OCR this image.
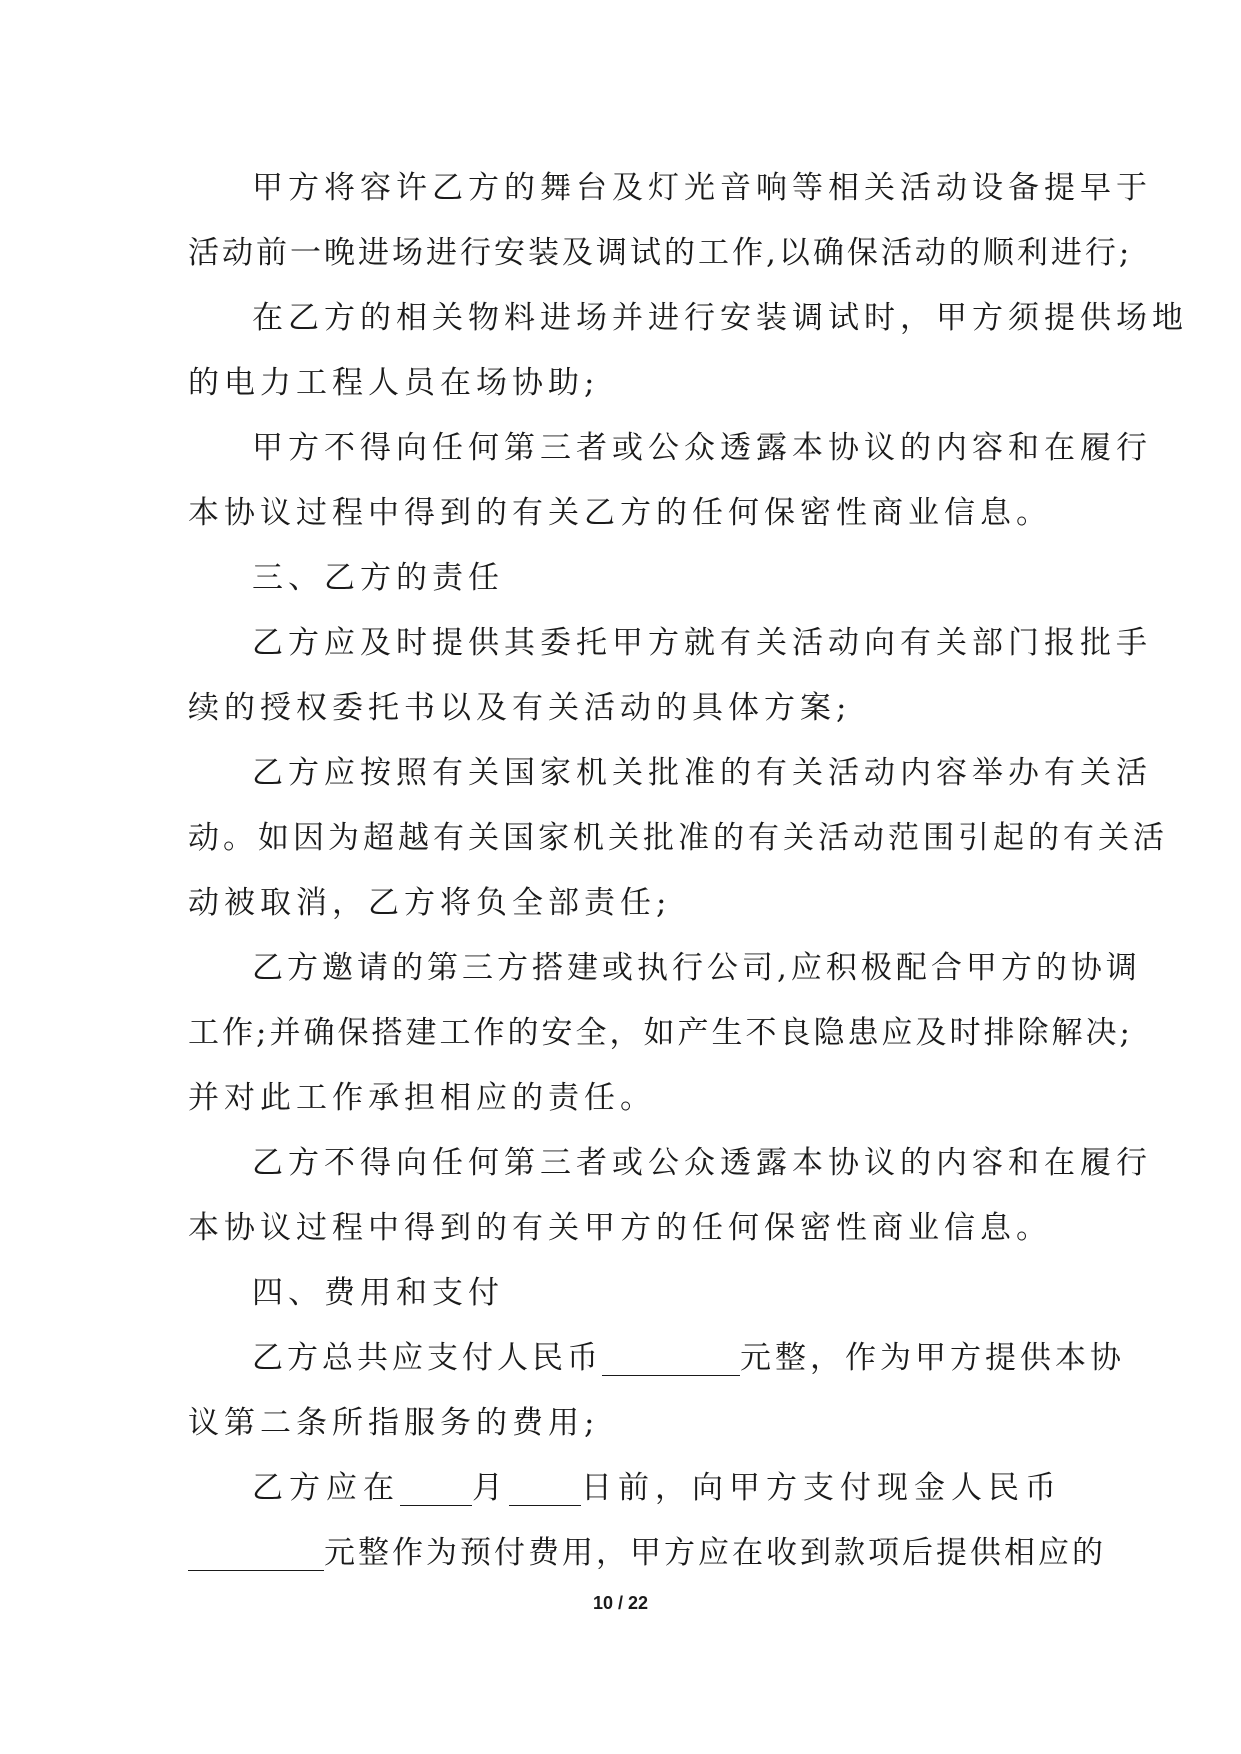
甲方将容许乙方的舞台及灯光音响等相关活动设备提早于
活动前一晚进场进行安装及调试的工作,以确保活动的顺利进行;
在乙方的相关物料进场并进行安装调试时，甲方须提供场地
的电力工程人员在场协助;
甲方不得向任何第三者或公众透露本协议的内容和在履行
本协议过程中得到的有关乙方的任何保密性商业信息。
三、乙方的责任
乙方应及时提供其委托甲方就有关活动向有关部门报批手
续的授权委托书以及有关活动的具体方案;
乙方应按照有关国家机关批准的有关活动内容举办有关活
动。如因为超越有关国家机关批准的有关活动范围引起的有关活
动被取消，乙方将负全部责任;
乙方邀请的第三方搭建或执行公司,应积极配合甲方的协调
工作;并确保搭建工作的安全，如产生不良隐患应及时排除解决;
并对此工作承担相应的责任。
乙方不得向任何第三者或公众透露本协议的内容和在履行
本协议过程中得到的有关甲方的任何保密性商业信息。
四、费用和支付
乙方总共应支付人民币	元整，作为甲方提供本协
议第二条所指服务的费用;
乙方应在 月 日前，向甲方支付现金人民币
元整作为预付费用，甲方应在收到款项后提供相应的
10 / 22
